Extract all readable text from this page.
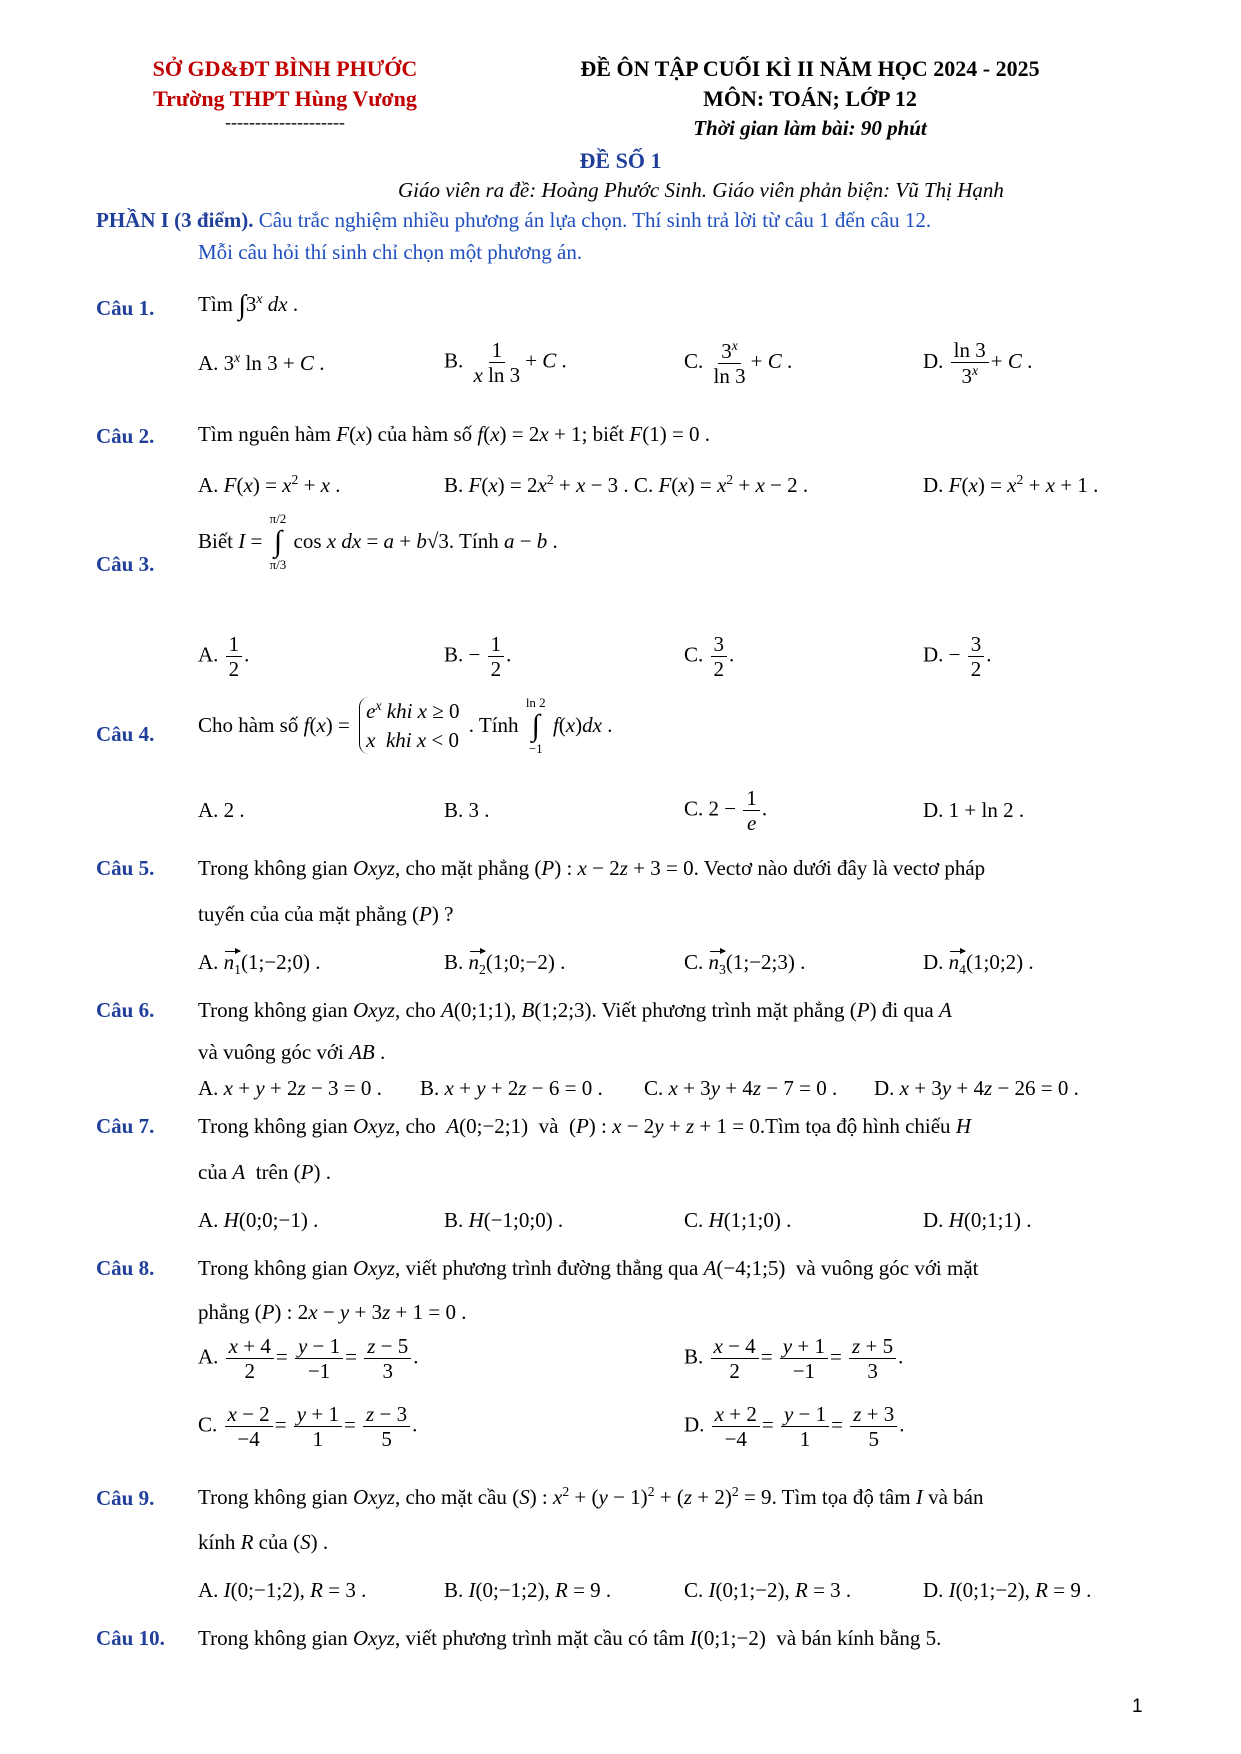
SỞ GD&ĐT BÌNH PHƯỚC
Trường THPT Hùng Vương
--------------------
ĐỀ ÔN TẬP CUỐI KÌ II NĂM HỌC 2024 - 2025
MÔN: TOÁN; LỚP 12
Thời gian làm bài: 90 phút
ĐỀ SỐ 1
Giáo viên ra đề: Hoàng Phước Sinh. Giáo viên phản biện: Vũ Thị Hạnh
PHẦN I (3 điểm). Câu trắc nghiệm nhiều phương án lựa chọn. Thí sinh trả lời từ câu 1 đến câu 12.
Mỗi câu hỏi thí sinh chỉ chọn một phương án.
Câu 1. Tìm ∫3$^x$ dx .
A. 3$^x$ ln 3 + C .	B. $\frac{1}{\text{x ln 3}} + C$ .	C. $\frac{3^x}{\ln 3} + C$ .	D. $\frac{\ln 3}{3^x} + C$ .
Câu 2. Tìm nguên hàm F(x) của hàm số f(x) = 2x + 1; biết F(1) = 0 .
A. $F(x) = x^2 + x$ .	B. $F(x) = 2x^2 + x - 3$ . C. $F(x) = x^2 + x - 2$ .	D. $F(x) = x^2 + x + 1$ .
Câu 3.
Biết I =
π/2
∫
π/3
cos x dx = a + b√3. Tính a − b .
A. $\frac{1}{2}$ .	B. − $\frac{1}{2}$ .	C. $\frac{3}{2}$ .	D. − $\frac{3}{2}$ .
Câu 4. Cho hàm số f(x) =
$e^x$ khi x ≥ 0
x khi x < 0
. Tính
ln 2
∫
−1
f(x)dx .
A. 2 .	B. 3 .	C. $2 - \frac{1}{e}$ .	D. 1 + ln 2 .
Câu 5. Trong không gian Oxyz, cho mặt phẳng (P) : x − 2z + 3 = 0. Vectơ nào dưới đây là vectơ pháp
tuyến của của mặt phẳng (P) ?
A. $n_1(1;-2;0)$ .	B. $n_2(1;0;-2)$ .	C. $n_3(1;-2;3)$ .	D. $n_4(1;0;2)$ .
Câu 6. Trong không gian Oxyz, cho A(0;1;1), B(1;2;3). Viết phương trình mặt phẳng (P) đi qua A
và vuông góc với AB .
A. x + y + 2z − 3 = 0 . B. x + y + 2z − 6 = 0 . C. x + 3y + 4z − 7 = 0 . D. x + 3y + 4z − 26 = 0 .
Câu 7. Trong không gian Oxyz, cho A(0;−2;1)  và  (P) : x − 2y + z + 1 = 0.Tìm tọa độ hình chiếu H
của A trên (P) .
A. H(0;0;−1) .	B. H(−1;0;0) .	C. H(1;1;0) .	D. H(0;1;1) .
Câu 8. Trong không gian Oxyz, viết phương trình đường thẳng qua A(−4;1;5)  và vuông góc với mặt
phẳng (P) : 2x − y + 3z + 1 = 0 .
A. $\frac{x + 4}{2} = \frac{y - 1}{-1} = \frac{z - 5}{3}$ .	B. $\frac{x - 4}{2} = \frac{y + 1}{-1} = \frac{z + 5}{3}$ .
C. $\frac{x - 2}{-4} = \frac{y + 1}{1} = \frac{z - 3}{5}$ .	D. $\frac{x + 2}{-4} = \frac{y - 1}{1} = \frac{z + 3}{5}$ .
Câu 9. Trong không gian Oxyz, cho mặt cầu (S) : $x^2 + (y - 1)^2 + (z + 2)^2 = 9$. Tìm tọa độ tâm I và bán
kính R của (S) .
A. I(0;−1;2), R = 3 .	B. I(0;−1;2), R = 9 .	C. I(0;1;−2), R = 3 .	D. I(0;1;−2), R = 9 .
Câu 10. Trong không gian Oxyz, viết phương trình mặt cầu có tâm I(0;1;−2)  và bán kính bằng 5.
1
